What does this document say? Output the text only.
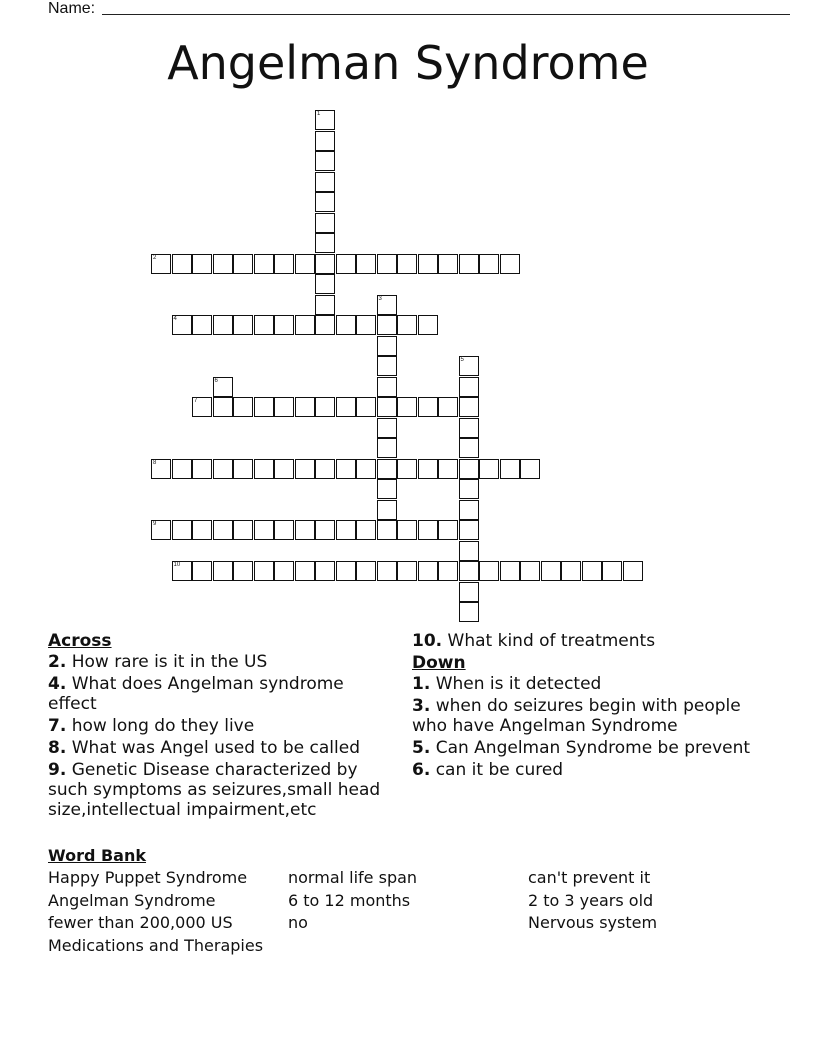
Name:
Angelman Syndrome
1
2
3
4
5
6
7
8
9
10
Across
2. How rare is it in the US
4. What does Angelman syndrome effect
7. how long do they live
8. What was Angel used to be called
9. Genetic Disease characterized by such symptoms as seizures,small head size,intellectual impairment,etc
10. What kind of treatments
Down
1. When is it detected
3. when do seizures begin with people who have Angelman Syndrome
5. Can Angelman Syndrome be prevent
6. can it be cured
Word Bank
Happy Puppet Syndrome	normal life span	can't prevent it
Angelman Syndrome	6 to 12 months	2 to 3 years old
fewer than 200,000 US	no	Nervous system
Medications and Therapies
